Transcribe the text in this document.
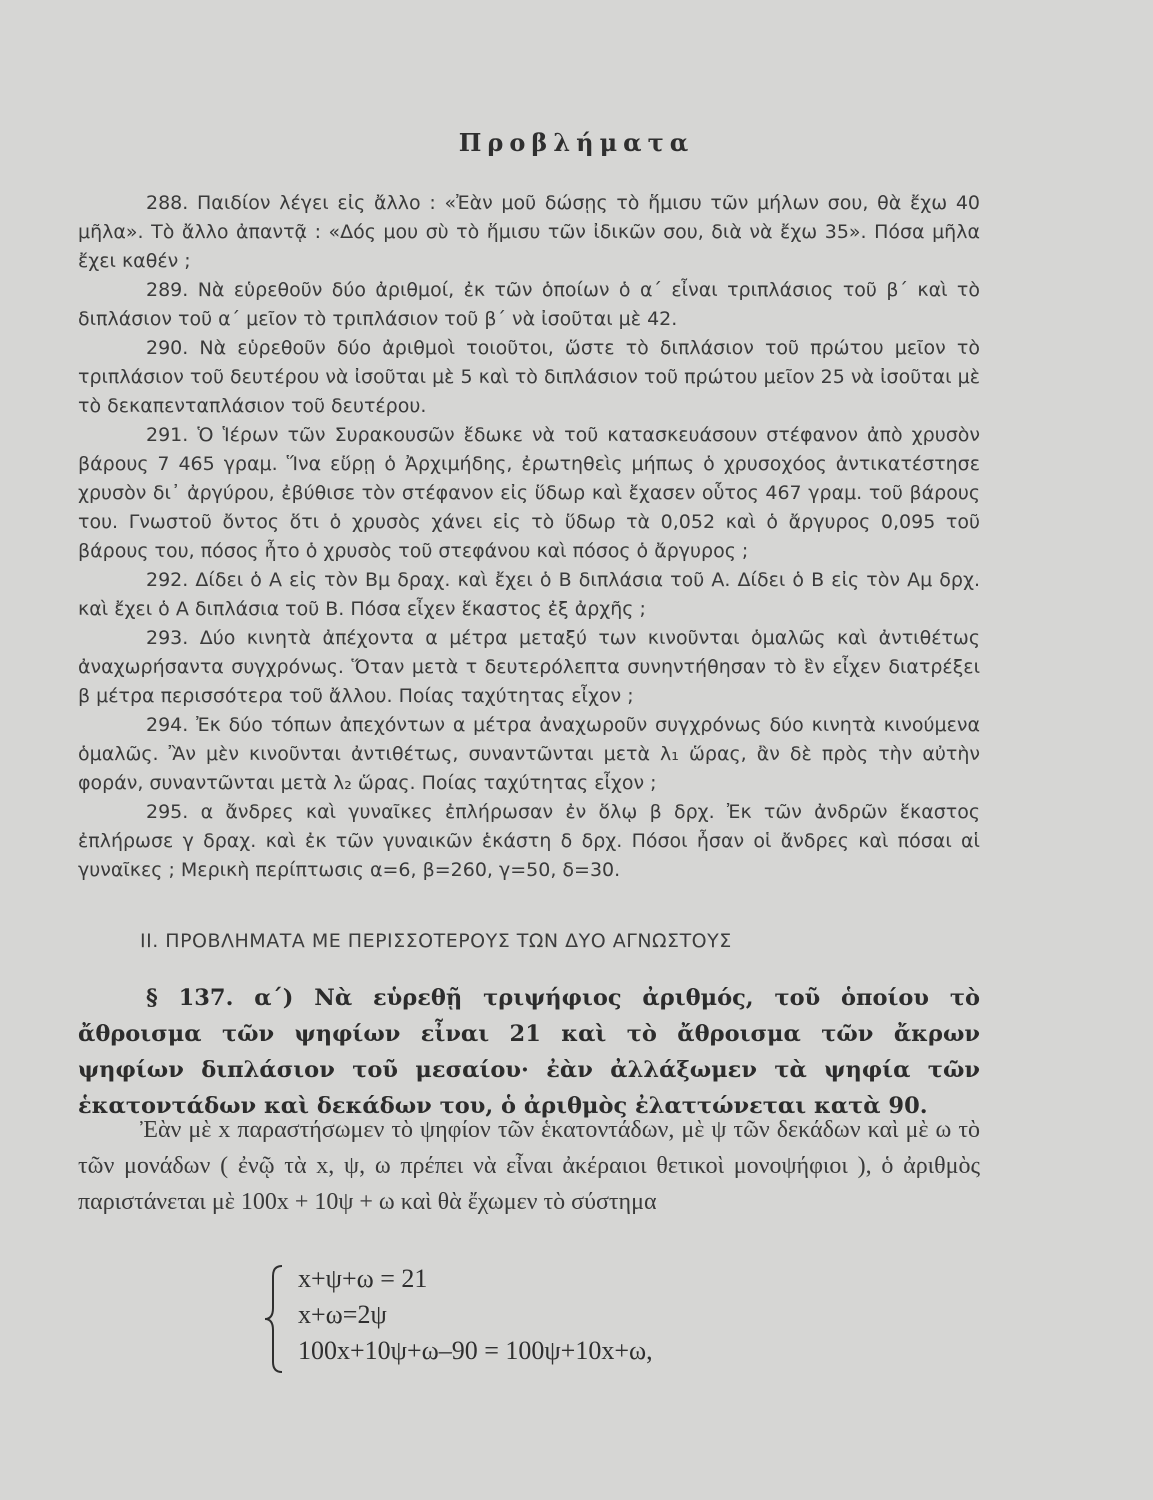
Προβλήματα

288. Παιδίον λέγει εἰς ἄλλο : «Ἐὰν μοῦ δώσῃς τὸ ἥμισυ τῶν μήλων σου, θὰ ἔχω 40 μῆλα». Τὸ ἄλλο ἀπαντᾷ : «Δός μου σὺ τὸ ἥμισυ τῶν ἰδικῶν σου, διὰ νὰ ἔχω 35». Πόσα μῆλα ἔχει καθέν ;

289. Νὰ εὑρεθοῦν δύο ἀριθμοί, ἐκ τῶν ὁποίων ὁ α΄ εἶναι τριπλάσιος τοῦ β΄ καὶ τὸ διπλάσιον τοῦ α΄ μεῖον τὸ τριπλάσιον τοῦ β΄ νὰ ἰσοῦται μὲ 42.

290. Νὰ εὑρεθοῦν δύο ἀριθμοὶ τοιοῦτοι, ὥστε τὸ διπλάσιον τοῦ πρώτου μεῖον τὸ τριπλάσιον τοῦ δευτέρου νὰ ἰσοῦται μὲ 5 καὶ τὸ διπλάσιον τοῦ πρώτου μεῖον 25 νὰ ἰσοῦται μὲ τὸ δεκαπενταπλάσιον τοῦ δευτέρου.

291. Ὁ Ἱέρων τῶν Συρακουσῶν ἔδωκε νὰ τοῦ κατασκευάσουν στέφανον ἀπὸ χρυσὸν βάρους 7 465 γραμ. Ἵνα εὕρῃ ὁ Ἀρχιμήδης, ἐρωτηθεὶς μήπως ὁ χρυσοχόος ἀντικατέστησε χρυσὸν δι᾽ ἀργύρου, ἐβύθισε τὸν στέφανον εἰς ὕδωρ καὶ ἔχασεν οὗτος 467 γραμ. τοῦ βάρους του. Γνωστοῦ ὄντος ὅτι ὁ χρυσὸς χάνει εἰς τὸ ὕδωρ τὰ 0,052 καὶ ὁ ἄργυρος 0,095 τοῦ βάρους του, πόσος ἦτο ὁ χρυσὸς τοῦ στεφάνου καὶ πόσος ὁ ἄργυρος ;

292. Δίδει ὁ Α εἰς τὸν Βμ δραχ. καὶ ἔχει ὁ Β διπλάσια τοῦ Α. Δίδει ὁ Β εἰς τὸν Αμ δρχ. καὶ ἔχει ὁ Α διπλάσια τοῦ Β. Πόσα εἶχεν ἕκαστος ἐξ ἀρχῆς ;

293. Δύο κινητὰ ἀπέχοντα α μέτρα μεταξύ των κινοῦνται ὁμαλῶς καὶ ἀντιθέτως ἀναχωρήσαντα συγχρόνως. Ὅταν μετὰ τ δευτερόλεπτα συνηντήθησαν τὸ ἓν εἶχεν διατρέξει β μέτρα περισσότερα τοῦ ἄλλου. Ποίας ταχύτητας εἶχον ;

294. Ἐκ δύο τόπων ἀπεχόντων α μέτρα ἀναχωροῦν συγχρόνως δύο κινητὰ κινούμενα ὁμαλῶς. Ἂν μὲν κινοῦνται ἀντιθέτως, συναντῶνται μετὰ λ₁ ὥρας, ἂν δὲ πρὸς τὴν αὐτὴν φοράν, συναντῶνται μετὰ λ₂ ὥρας. Ποίας ταχύτητας εἶχον ;

295. α ἄνδρες καὶ γυναῖκες ἐπλήρωσαν ἐν ὅλῳ β δρχ. Ἐκ τῶν ἀνδρῶν ἕκαστος ἐπλήρωσε γ δραχ. καὶ ἐκ τῶν γυναικῶν ἑκάστη δ δρχ. Πόσοι ἦσαν οἱ ἄνδρες καὶ πόσαι αἱ γυναῖκες ; Μερικὴ περίπτωσις α=6, β=260, γ=50, δ=30.

ΙΙ. ΠΡΟΒΛΗΜΑΤΑ ΜΕ ΠΕΡΙΣΣΟΤΕΡΟΥΣ ΤΩΝ ΔΥΟ ΑΓΝΩΣΤΟΥΣ

§ 137. α΄) Νὰ εὑρεθῇ τριψήφιος ἀριθμός, τοῦ ὁποίου τὸ ἄθροισμα τῶν ψηφίων εἶναι 21 καὶ τὸ ἄθροισμα τῶν ἄκρων ψηφίων διπλάσιον τοῦ μεσαίου· ἐὰν ἀλλάξωμεν τὰ ψηφία τῶν ἑκατοντάδων καὶ δεκάδων του, ὁ ἀριθμὸς ἐλαττώνεται κατὰ 90.

Ἐὰν μὲ x παραστήσωμεν τὸ ψηφίον τῶν ἑκατοντάδων, μὲ ψ τῶν δεκάδων καὶ μὲ ω τὸ τῶν μονάδων ( ἐνῷ τὰ x, ψ, ω πρέπει νὰ εἶναι ἀκέραιοι θετικοὶ μονοψήφιοι ), ὁ ἀριθμὸς παριστάνεται μὲ 100x + 10ψ + ω καὶ θὰ ἔχωμεν τὸ σύστημα

x+ψ+ω = 21
x+ω=2ψ
100x+10ψ+ω–90 = 100ψ+10x+ω,
